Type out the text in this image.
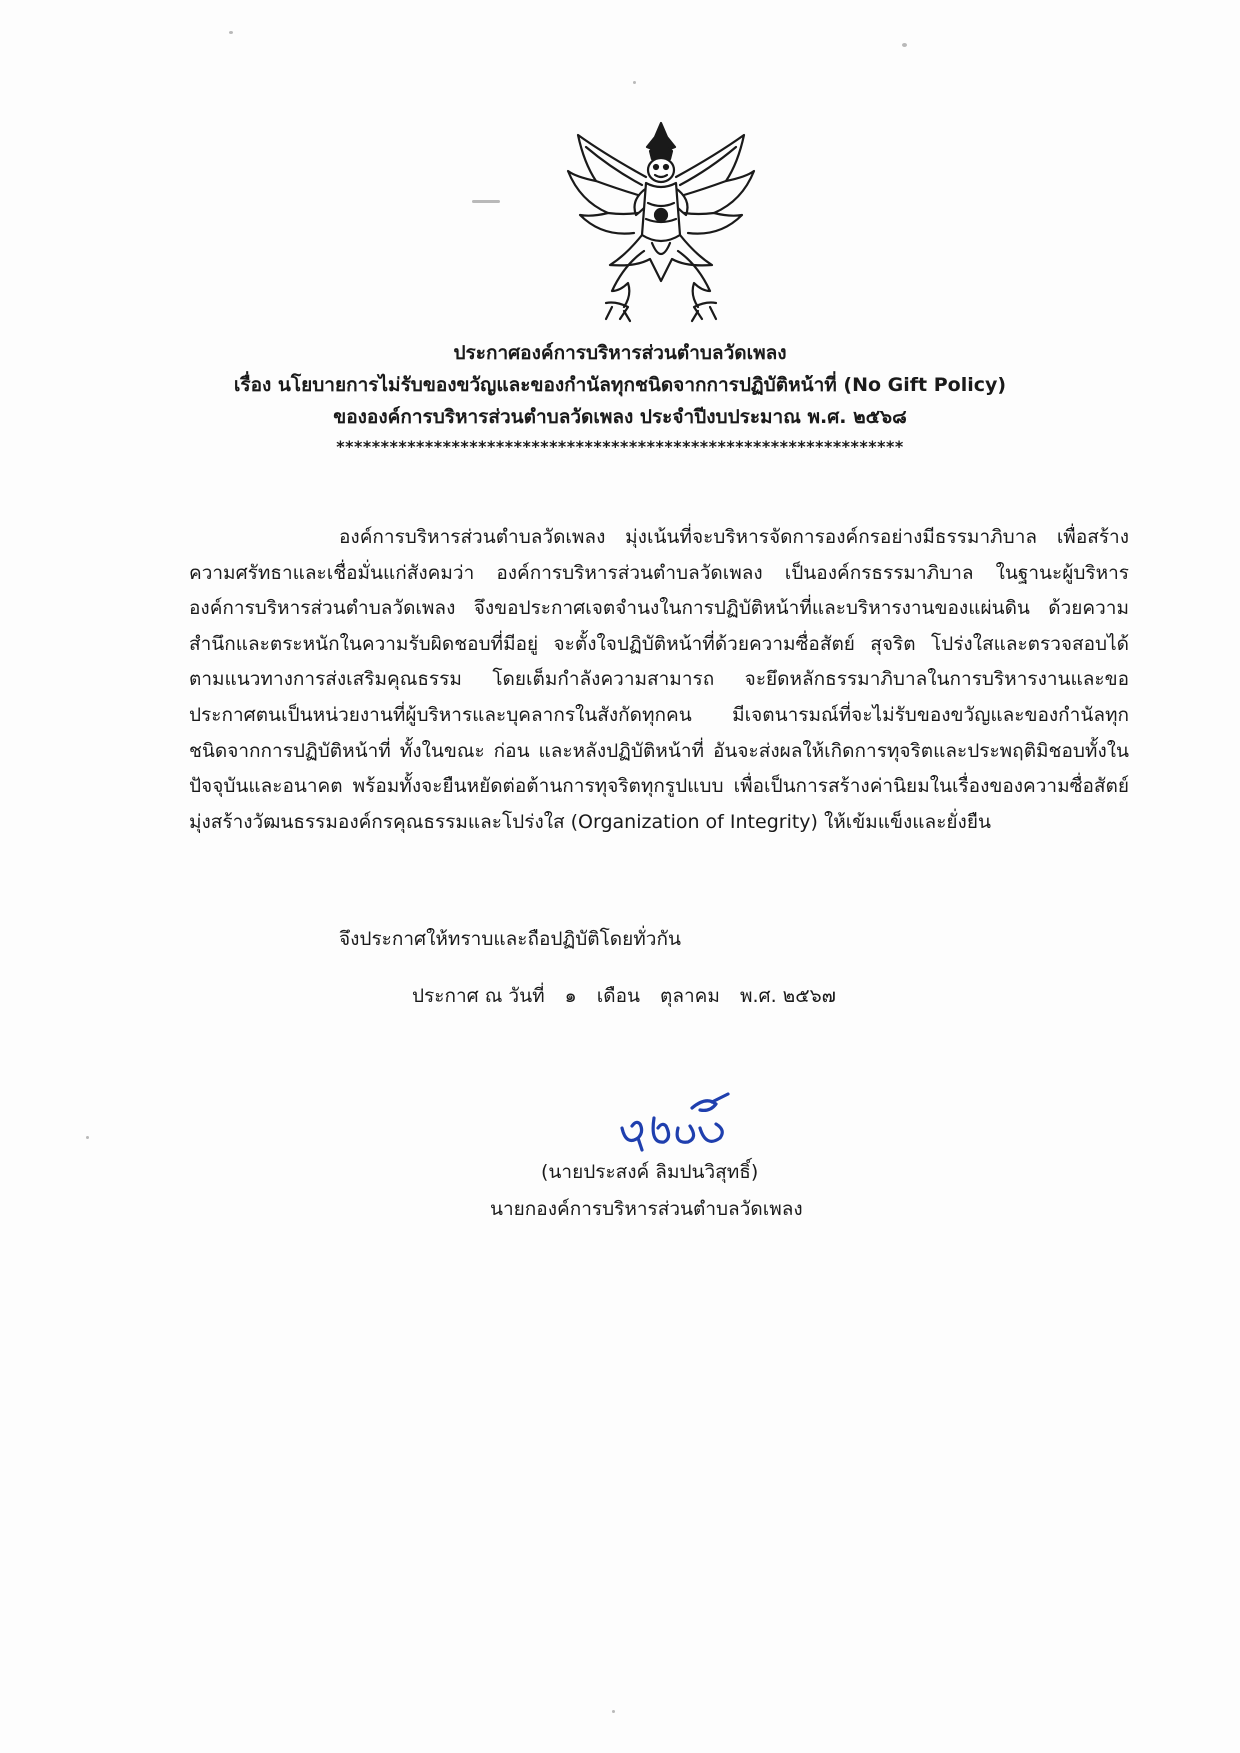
ประกาศองค์การบริหารส่วนตำบลวัดเพลง
เรื่อง นโยบายการไม่รับของขวัญและของกำนัลทุกชนิดจากการปฏิบัติหน้าที่ (No Gift Policy)
ขององค์การบริหารส่วนตำบลวัดเพลง ประจำปีงบประมาณ พ.ศ. ๒๕๖๘
****************************************************************
องค์การบริหารส่วนตำบลวัดเพลง มุ่งเน้นที่จะบริหารจัดการองค์กรอย่างมีธรรมาภิบาล เพื่อสร้างความศรัทธาและเชื่อมั่นแก่สังคมว่า องค์การบริหารส่วนตำบลวัดเพลง เป็นองค์กรธรรมาภิบาล ในฐานะผู้บริหารองค์การบริหารส่วนตำบลวัดเพลง จึงขอประกาศเจตจำนงในการปฏิบัติหน้าที่และบริหารงานของแผ่นดิน ด้วยความสำนึกและตระหนักในความรับผิดชอบที่มีอยู่ จะตั้งใจปฏิบัติหน้าที่ด้วยความซื่อสัตย์ สุจริต โปร่งใสและตรวจสอบได้ตามแนวทางการส่งเสริมคุณธรรม โดยเต็มกำลังความสามารถ จะยึดหลักธรรมาภิบาลในการบริหารงานและขอประกาศตนเป็นหน่วยงานที่ผู้บริหารและบุคลากรในสังกัดทุกคน มีเจตนารมณ์ที่จะไม่รับของขวัญและของกำนัลทุกชนิดจากการปฏิบัติหน้าที่ ทั้งในขณะ ก่อน และหลังปฏิบัติหน้าที่ อันจะส่งผลให้เกิดการทุจริตและประพฤติมิชอบทั้งในปัจจุบันและอนาคต พร้อมทั้งจะยืนหยัดต่อต้านการทุจริตทุกรูปแบบ เพื่อเป็นการสร้างค่านิยมในเรื่องของความซื่อสัตย์ มุ่งสร้างวัฒนธรรมองค์กรคุณธรรมและโปร่งใส (Organization of Integrity) ให้เข้มแข็งและยั่งยืน
จึงประกาศให้ทราบและถือปฏิบัติโดยทั่วกัน
ประกาศ ณ วันที่ ๑ เดือน ตุลาคม พ.ศ. ๒๕๖๗
(นายประสงค์ ลิมปนวิสุทธิ์)
นายกองค์การบริหารส่วนตำบลวัดเพลง
